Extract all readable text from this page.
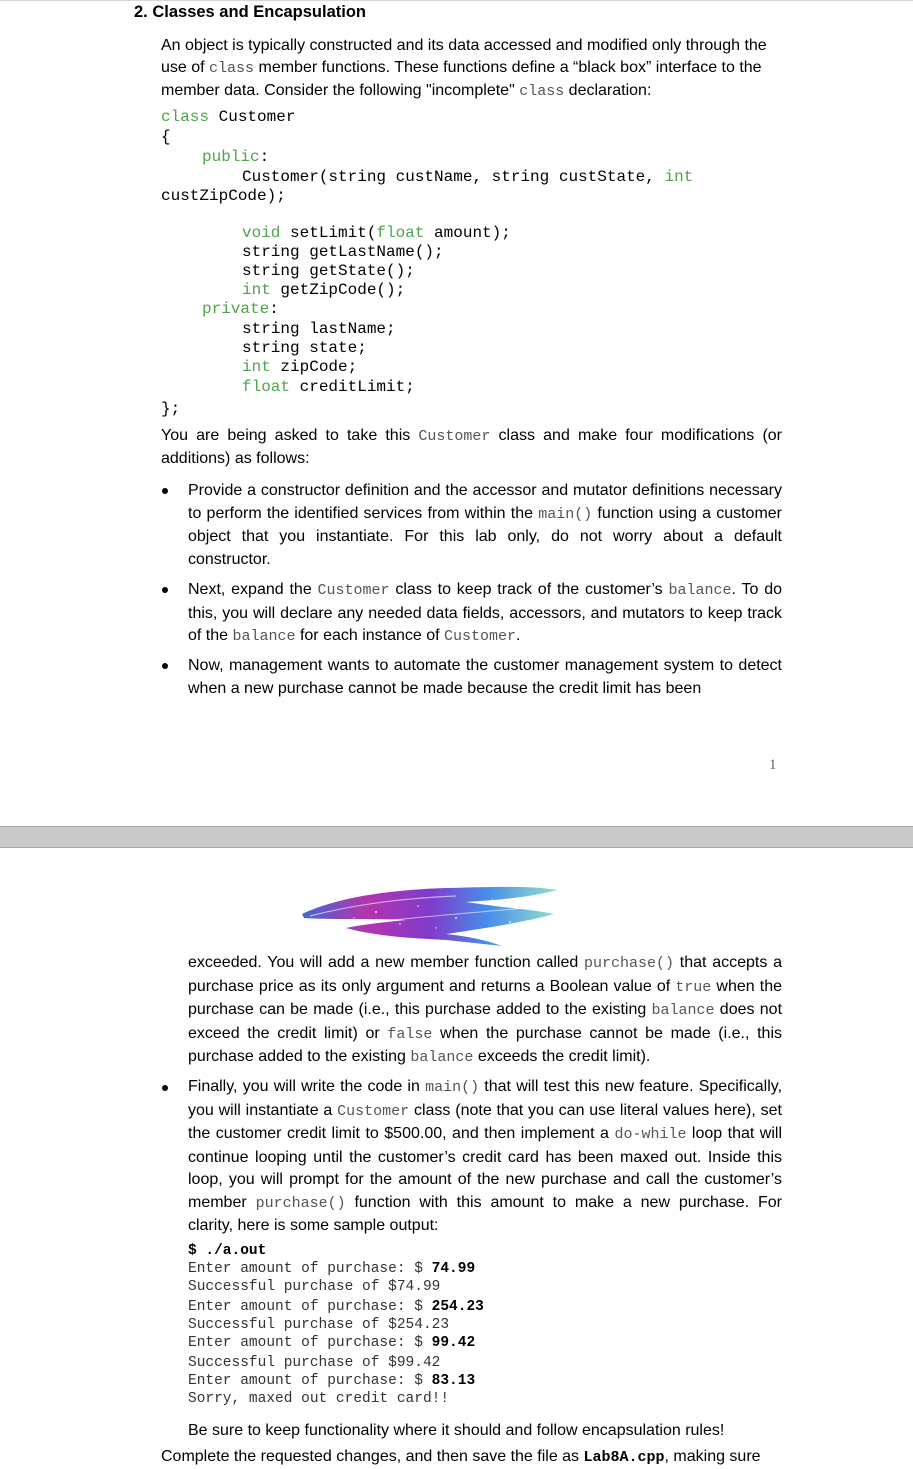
2. Classes and Encapsulation

An object is typically constructed and its data accessed and modified only through the use of class member functions. These functions define a “black box” interface to the member data. Consider the following "incomplete" class declaration:

class Customer
{
public:
Customer(string custName, string custState, int
custZipCode);
void setLimit(float amount);
string getLastName();
string getState();
int getZipCode();
private:
string lastName;
string state;
int zipCode;
float creditLimit;
};

You are being asked to take this Customer class and make four modifications (or additions) as follows:

Provide a constructor definition and the accessor and mutator definitions necessary to perform the identified services from within the main() function using a customer object that you instantiate. For this lab only, do not worry about a default constructor.

Next, expand the Customer class to keep track of the customer’s balance. To do this, you will declare any needed data fields, accessors, and mutators to keep track of the balance for each instance of Customer.

Now, management wants to automate the customer management system to detect when a new purchase cannot be made because the credit limit has been

1

exceeded. You will add a new member function called purchase() that accepts a purchase price as its only argument and returns a Boolean value of true when the purchase can be made (i.e., this purchase added to the existing balance does not exceed the credit limit) or false when the purchase cannot be made (i.e., this purchase added to the existing balance exceeds the credit limit).

Finally, you will write the code in main() that will test this new feature. Specifically, you will instantiate a Customer class (note that you can use literal values here), set the customer credit limit to $500.00, and then implement a do-while loop that will continue looping until the customer’s credit card has been maxed out. Inside this loop, you will prompt for the amount of the new purchase and call the customer’s member purchase() function with this amount to make a new purchase. For clarity, here is some sample output:

$ ./a.out
Enter amount of purchase: $ 74.99
Successful purchase of $74.99
Enter amount of purchase: $ 254.23
Successful purchase of $254.23
Enter amount of purchase: $ 99.42
Successful purchase of $99.42
Enter amount of purchase: $ 83.13
Sorry, maxed out credit card!!

Be sure to keep functionality where it should and follow encapsulation rules!

Complete the requested changes, and then save the file as Lab8A.cpp, making sure
